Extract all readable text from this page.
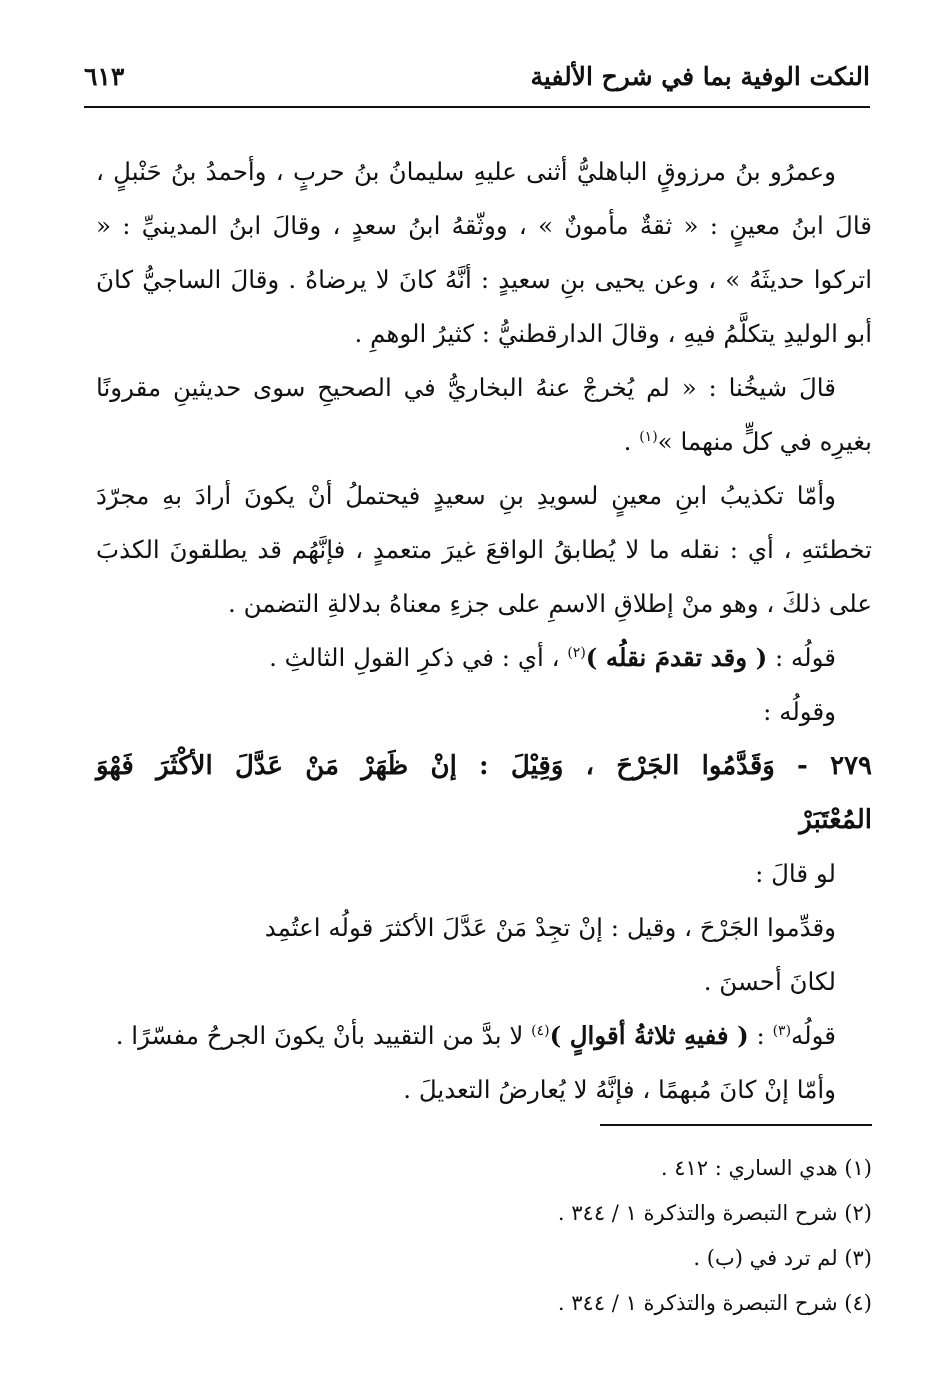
النكت الوفية بما في شرح الألفية
٦١٣

وعمرُو بنُ مرزوقٍ الباهليُّ أثنى عليهِ سليمانُ بنُ حربٍ ، وأحمدُ بنُ حَنْبلٍ ، قالَ ابنُ معينٍ : « ثقةٌ مأمونٌ » ، ووثّقهُ ابنُ سعدٍ ، وقالَ ابنُ المدينيِّ : « اتركوا حديثَهُ » ، وعن يحيى بنِ سعيدٍ : أنَّهُ كانَ لا يرضاهُ . وقالَ الساجيُّ كانَ أبو الوليدِ يتكلَّمُ فيهِ ، وقالَ الدارقطنيُّ : كثيرُ الوهمِ .

قالَ شيخُنا : « لم يُخرجْ عنهُ البخاريُّ في الصحيحِ سوى حديثينِ مقرونًا بغيرِه في كلٍّ منهما »$^{(١)}$ .

وأمّا تكذيبُ ابنِ معينٍ لسويدِ بنِ سعيدٍ فيحتملُ أنْ يكونَ أرادَ بهِ مجرّدَ تخطئتهِ ، أي : نقله ما لا يُطابقُ الواقعَ غيرَ متعمدٍ ، فإنَّهُم قد يطلقونَ الكذبَ على ذلكَ ، وهو منْ إطلاقِ الاسمِ على جزءِ معناهُ بدلالةِ التضمن .

قولُه : ( وقد تقدمَ نقلُه )$^{(٢)}$ ، أي : في ذكرِ القولِ الثالثِ .

وقولُه :

٢٧٩ - وَقَدَّمُوا الجَرْحَ ، وَقِيْلَ : إنْ ظَهَرْ مَنْ عَدَّلَ الأكْثَرَ فَهْوَ المُعْتَبَرْ

لو قالَ :

وقدِّموا الجَرْحَ ، وقيل : إنْ تجِدْ مَنْ عَدَّلَ الأكثرَ قولُه اعتُمِد

لكانَ أحسنَ .

قولُه$^{(٣)}$ : ( ففيهِ ثلاثةُ أقوالٍ )$^{(٤)}$ لا بدَّ من التقييد بأنْ يكونَ الجرحُ مفسّرًا .

وأمّا إنْ كانَ مُبهمًا ، فإنَّهُ لا يُعارضُ التعديلَ .

(١) هدي الساري : ٤١٢ .

(٢) شرح التبصرة والتذكرة ١ / ٣٤٤ .

(٣) لم ترد في (ب) .

(٤) شرح التبصرة والتذكرة ١ / ٣٤٤ .
